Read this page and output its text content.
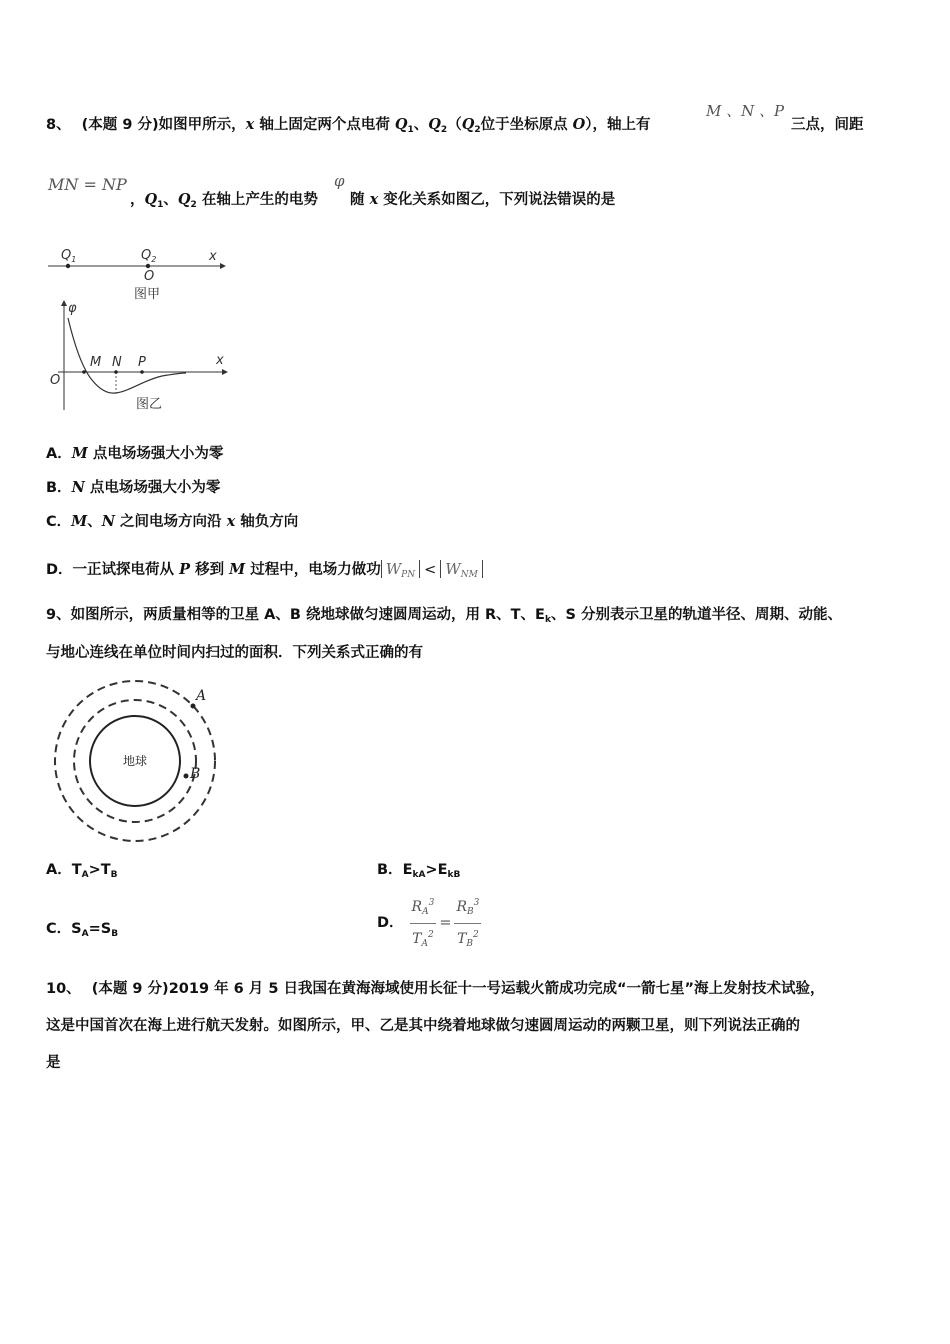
8、 (本题 9 分)如图甲所示，x 轴上固定两个点电荷 $Q_1$、$Q_2(Q_2$位于坐标原点 O），轴上有
M 、N 、P
三点，间距
MN = NP
，$Q_1$、$Q_2$ 在轴上产生的电势
φ
随 x 变化关系如图乙，下列说法错误的是
$Q_1$	$Q_2$
O
x
图甲
φ
O
M N P	x
图乙
A．M 点电场场强大小为零
B．N 点电场场强大小为零
C．M、N 之间电场方向沿 x 轴负方向
D．一正试探电荷从 P 移到 M 过程中，电场力做功 $W_{PN} < W_{NM}$
9、如图所示，两质量相等的卫星 A、B 绕地球做匀速圆周运动，用 R、T、$E_k$、S 分别表示卫星的轨道半径、周期、动能、
与地心连线在单位时间内扫过的面积．下列关系式正确的有
地球
A
B
A．$T_A>T_B$	B．$E_{kA}>E_{kB}$
C．$S_A=S_B$
D． $\frac{R_A^3}{T_A^2} = \frac{R_B^3}{T_B^2}$
10、 (本题 9 分)2019 年 6 月 5 日我国在黄海海域使用长征十一号运载火箭成功完成“一箭七星”海上发射技术试验，
这是中国首次在海上进行航天发射。如图所示，甲、乙是其中绕着地球做匀速圆周运动的两颗卫星，则下列说法正确的
是
